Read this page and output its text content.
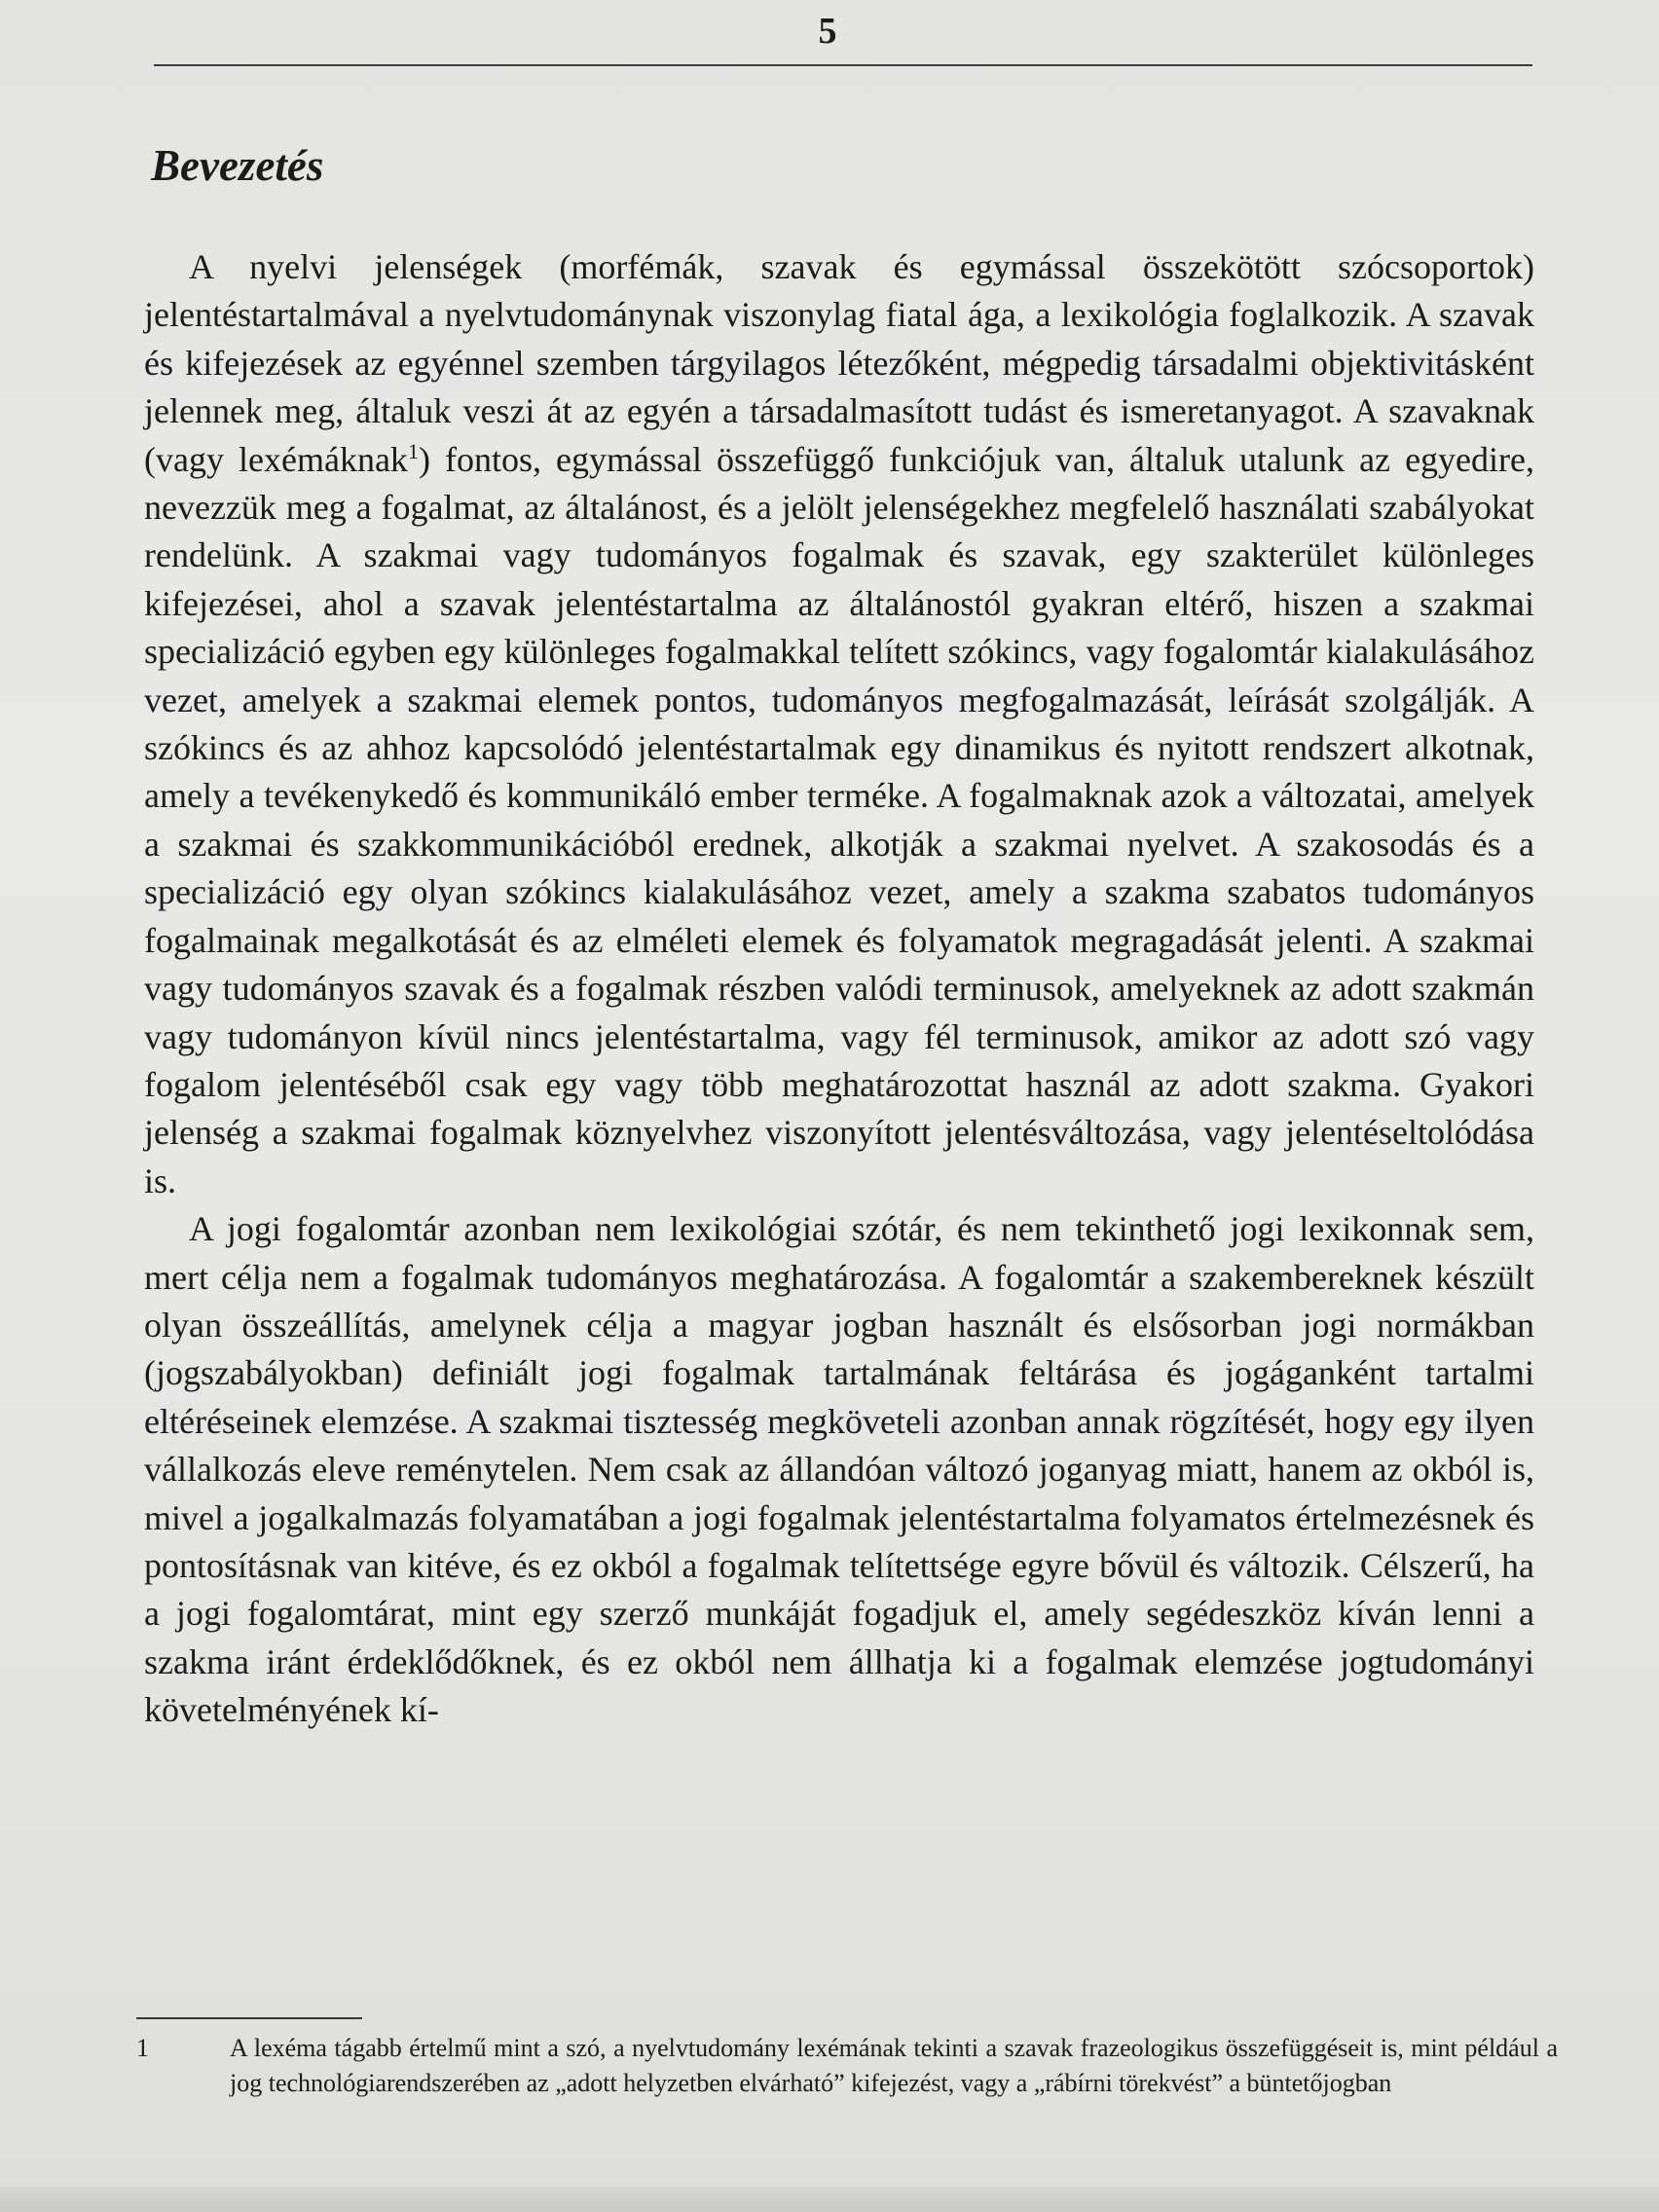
5
Bevezetés

A nyelvi jelenségek (morfémák, szavak és egymással összekötött szócsoportok) jelentéstartalmával a nyelvtudománynak viszonylag fiatal ága, a lexikológia foglalkozik. A szavak és kifejezések az egyénnel szemben tárgyilagos létezőként, mégpedig társadalmi objektivitásként jelennek meg, általuk veszi át az egyén a társadalmasított tudást és ismeretanyagot. A szavaknak (vagy lexémáknak$^1$) fontos, egymással összefüggő funkciójuk van, általuk utalunk az egyedire, nevezzük meg a fogalmat, az általánost, és a jelölt jelenségekhez megfelelő használati szabályokat rendelünk. A szakmai vagy tudományos fogalmak és szavak, egy szakterület különleges kifejezései, ahol a szavak jelentéstartalma az általánostól gyakran eltérő, hiszen a szakmai specializáció egyben egy különleges fogalmakkal telített szókincs, vagy fogalomtár kialakulásához vezet, amelyek a szakmai elemek pontos, tudományos megfogalmazását, leírását szolgálják. A szókincs és az ahhoz kapcsolódó jelentéstartalmak egy dinamikus és nyitott rendszert alkotnak, amely a tevékenykedő és kommunikáló ember terméke. A fogalmaknak azok a változatai, amelyek a szakmai és szakkommunikációból erednek, alkotják a szakmai nyelvet. A szakosodás és a specializáció egy olyan szókincs kialakulásához vezet, amely a szakma szabatos tudományos fogalmainak megalkotását és az elméleti elemek és folyamatok megragadását jelenti. A szakmai vagy tudományos szavak és a fogalmak részben valódi terminusok, amelyeknek az adott szakmán vagy tudományon kívül nincs jelentéstartalma, vagy fél terminusok, amikor az adott szó vagy fogalom jelentéséből csak egy vagy több meghatározottat használ az adott szakma. Gyakori jelenség a szakmai fogalmak köznyelvhez viszonyított jelentésváltozása, vagy jelentéseltolódása is.

A jogi fogalomtár azonban nem lexikológiai szótár, és nem tekinthető jogi lexikonnak sem, mert célja nem a fogalmak tudományos meghatározása. A fogalomtár a szakembereknek készült olyan összeállítás, amelynek célja a magyar jogban használt és elsősorban jogi normákban (jogszabályokban) definiált jogi fogalmak tartalmának feltárása és jogáganként tartalmi eltéréseinek elemzése. A szakmai tisztesség megköveteli azonban annak rögzítését, hogy egy ilyen vállalkozás eleve reménytelen. Nem csak az állandóan változó joganyag miatt, hanem az okból is, mivel a jogalkalmazás folyamatában a jogi fogalmak jelentéstartalma folyamatos értelmezésnek és pontosításnak van kitéve, és ez okból a fogalmak telítettsége egyre bővül és változik. Célszerű, ha a jogi fogalomtárat, mint egy szerző munkáját fogadjuk el, amely segédeszköz kíván lenni a szakma iránt érdeklődőknek, és ez okból nem állhatja ki a fogalmak elemzése jogtudományi követelményének kí-

1	A lexéma tágabb értelmű mint a szó, a nyelvtudomány lexémának tekinti a szavak frazeologikus összefüggéseit is, mint például a jog technológiarendszerében az „adott helyzetben elvárható” kifejezést, vagy a „rábírni törekvést” a büntetőjogban
